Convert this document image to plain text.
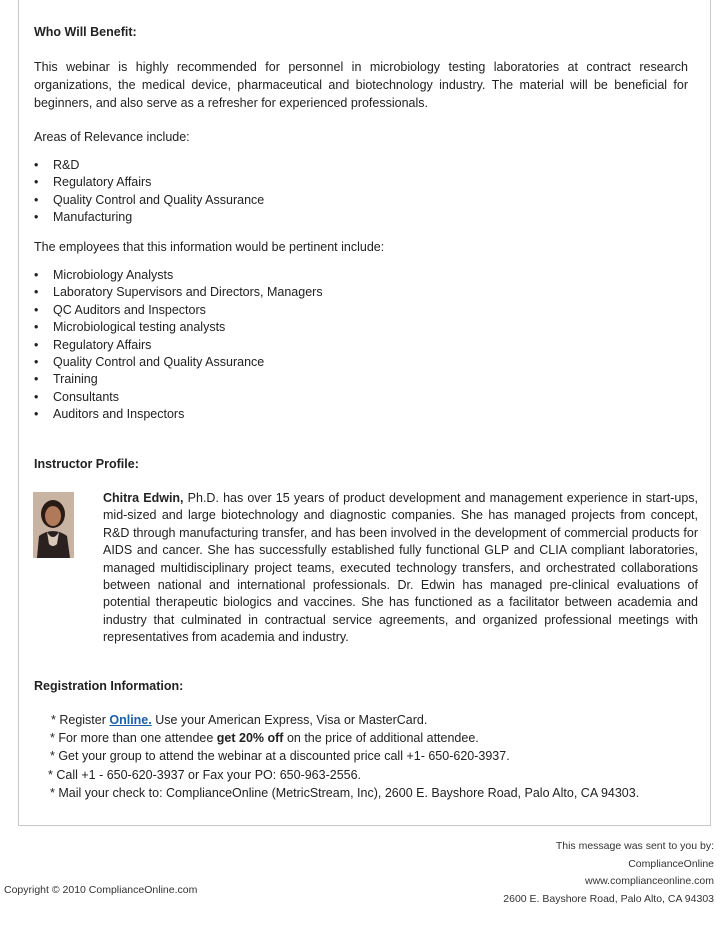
Who Will Benefit:
This webinar is highly recommended for personnel in microbiology testing laboratories at contract research organizations, the medical device, pharmaceutical and biotechnology industry. The material will be beneficial for beginners, and also serve as a refresher for experienced professionals.
Areas of Relevance include:
• R&D
• Regulatory Affairs
• Quality Control and Quality Assurance
• Manufacturing
The employees that this information would be pertinent include:
• Microbiology Analysts
• Laboratory Supervisors and Directors, Managers
• QC Auditors and Inspectors
• Microbiological testing analysts
• Regulatory Affairs
• Quality Control and Quality Assurance
• Training
• Consultants
• Auditors and Inspectors
Instructor Profile:
Chitra Edwin, Ph.D. has over 15 years of product development and management experience in start-ups, mid-sized and large biotechnology and diagnostic companies. She has managed projects from concept, R&D through manufacturing transfer, and has been involved in the development of commercial products for AIDS and cancer. She has successfully established fully functional GLP and CLIA compliant laboratories, managed multidisciplinary project teams, executed technology transfers, and orchestrated collaborations between national and international professionals. Dr. Edwin has managed pre-clinical evaluations of potential therapeutic biologics and vaccines. She has functioned as a facilitator between academia and industry that culminated in contractual service agreements, and organized professional meetings with representatives from academia and industry.
Registration Information:
* Register Online. Use your American Express, Visa or MasterCard.
* For more than one attendee get 20% off on the price of additional attendee.
* Get your group to attend the webinar at a discounted price call +1- 650-620-3937.
* Call +1 - 650-620-3937 or Fax your PO: 650-963-2556.
* Mail your check to: ComplianceOnline (MetricStream, Inc), 2600 E. Bayshore Road, Palo Alto, CA 94303.
This message was sent to you by:
ComplianceOnline
www.complianceonline.com
2600 E. Bayshore Road, Palo Alto, CA 94303
Copyright © 2010 ComplianceOnline.com
